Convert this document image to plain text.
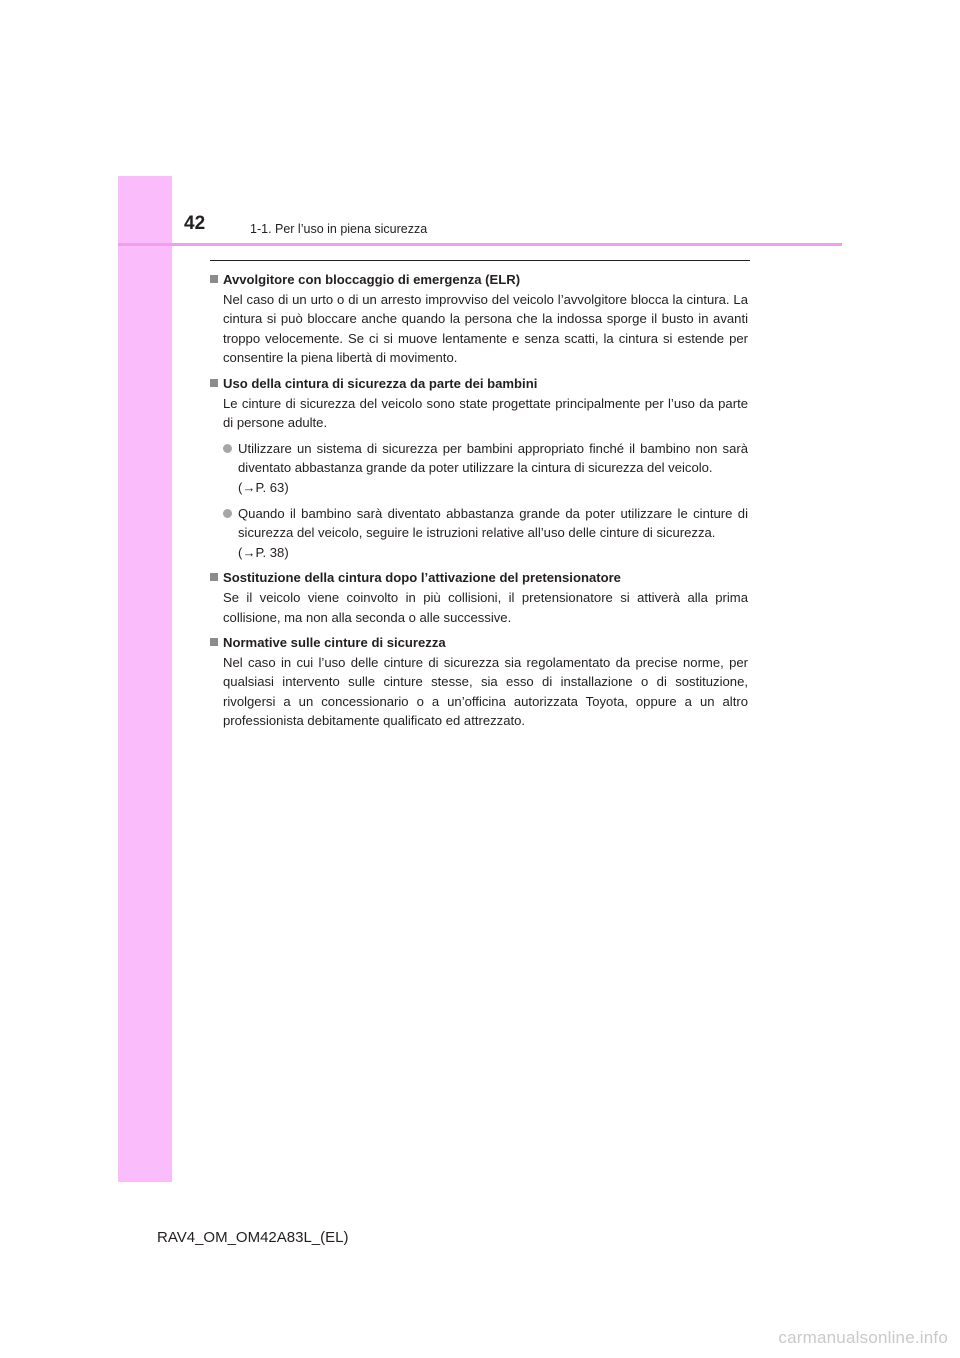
42	1-1. Per l’uso in piena sicurezza
Avvolgitore con bloccaggio di emergenza (ELR)
Nel caso di un urto o di un arresto improvviso del veicolo l’avvolgitore blocca la cintura. La cintura si può bloccare anche quando la persona che la indossa sporge il busto in avanti troppo velocemente. Se ci si muove lentamente e senza scatti, la cintura si estende per consentire la piena libertà di movimento.
Uso della cintura di sicurezza da parte dei bambini
Le cinture di sicurezza del veicolo sono state progettate principalmente per l’uso da parte di persone adulte.
Utilizzare un sistema di sicurezza per bambini appropriato finché il bambino non sarà diventato abbastanza grande da poter utilizzare la cintura di sicurezza del veicolo.
(→P. 63)
Quando il bambino sarà diventato abbastanza grande da poter utilizzare le cinture di sicurezza del veicolo, seguire le istruzioni relative all’uso delle cinture di sicurezza.
(→P. 38)
Sostituzione della cintura dopo l’attivazione del pretensionatore
Se il veicolo viene coinvolto in più collisioni, il pretensionatore si attiverà alla prima collisione, ma non alla seconda o alle successive.
Normative sulle cinture di sicurezza
Nel caso in cui l’uso delle cinture di sicurezza sia regolamentato da precise norme, per qualsiasi intervento sulle cinture stesse, sia esso di installazione o di sostituzione, rivolgersi a un concessionario o a un’officina autorizzata Toyota, oppure a un altro professionista debitamente qualificato ed attrezzato.
RAV4_OM_OM42A83L_(EL)
carmanualsonline.info
